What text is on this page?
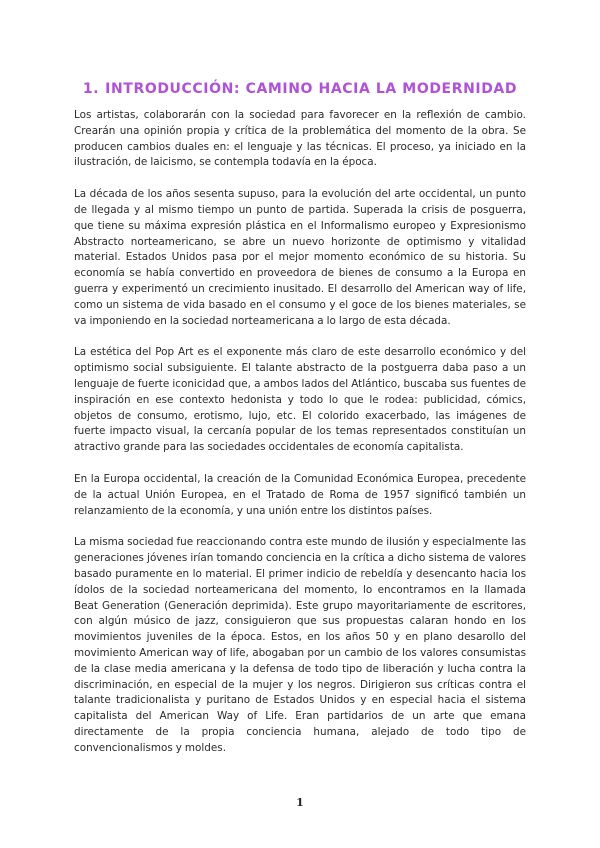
1. INTRODUCCIÓN: CAMINO HACIA LA MODERNIDAD

Los artistas, colaborarán con la sociedad para favorecer en la reflexión de cambio. Crearán una opinión propia y crítica de la problemática del momento de la obra. Se producen cambios duales en: el lenguaje y las técnicas. El proceso, ya iniciado en la ilustración, de laicismo, se contempla todavía en la época.

La década de los años sesenta supuso, para la evolución del arte occidental, un punto de llegada y al mismo tiempo un punto de partida. Superada la crisis de posguerra, que tiene su máxima expresión plástica en el Informalismo europeo y Expresionismo Abstracto norteamericano, se abre un nuevo horizonte de optimismo y vitalidad material. Estados Unidos pasa por el mejor momento económico de su historia. Su economía se había convertido en proveedora de bienes de consumo a la Europa en guerra y experimentó un crecimiento inusitado. El desarrollo del American way of life, como un sistema de vida basado en el consumo y el goce de los bienes materiales, se va imponiendo en la sociedad norteamericana a lo largo de esta década.

La estética del Pop Art es el exponente más claro de este desarrollo económico y del optimismo social subsiguiente. El talante abstracto de la postguerra daba paso a un lenguaje de fuerte iconicidad que, a ambos lados del Atlántico, buscaba sus fuentes de inspiración en ese contexto hedonista y todo lo que le rodea: publicidad, cómics, objetos de consumo, erotismo, lujo, etc. El colorido exacerbado, las imágenes de fuerte impacto visual, la cercanía popular de los temas representados constituían un atractivo grande para las sociedades occidentales de economía capitalista.

En la Europa occidental, la creación de la Comunidad Económica Europea, precedente de la actual Unión Europea, en el Tratado de Roma de 1957 significó también un relanzamiento de la economía, y una unión entre los distintos países.

La misma sociedad fue reaccionando contra este mundo de ilusión y especialmente las generaciones jóvenes irían tomando conciencia en la crítica a dicho sistema de valores basado puramente en lo material. El primer indicio de rebeldía y desencanto hacia los ídolos de la sociedad norteamericana del momento, lo encontramos en la llamada Beat Generation (Generación deprimida). Este grupo mayoritariamente de escritores, con algún músico de jazz, consiguieron que sus propuestas calaran hondo en los movimientos juveniles de la época. Estos, en los años 50 y en plano desarollo del movimiento American way of life, abogaban por un cambio de los valores consumistas de la clase media americana y la defensa de todo tipo de liberación y lucha contra la discriminación, en especial de la mujer y los negros. Dirigieron sus críticas contra el talante tradicionalista y puritano de Estados Unidos y en especial hacia el sistema capitalista del American Way of Life. Eran partidarios de un arte que emana directamente de la propia conciencia humana, alejado de todo tipo de convencionalismos y moldes.

1
